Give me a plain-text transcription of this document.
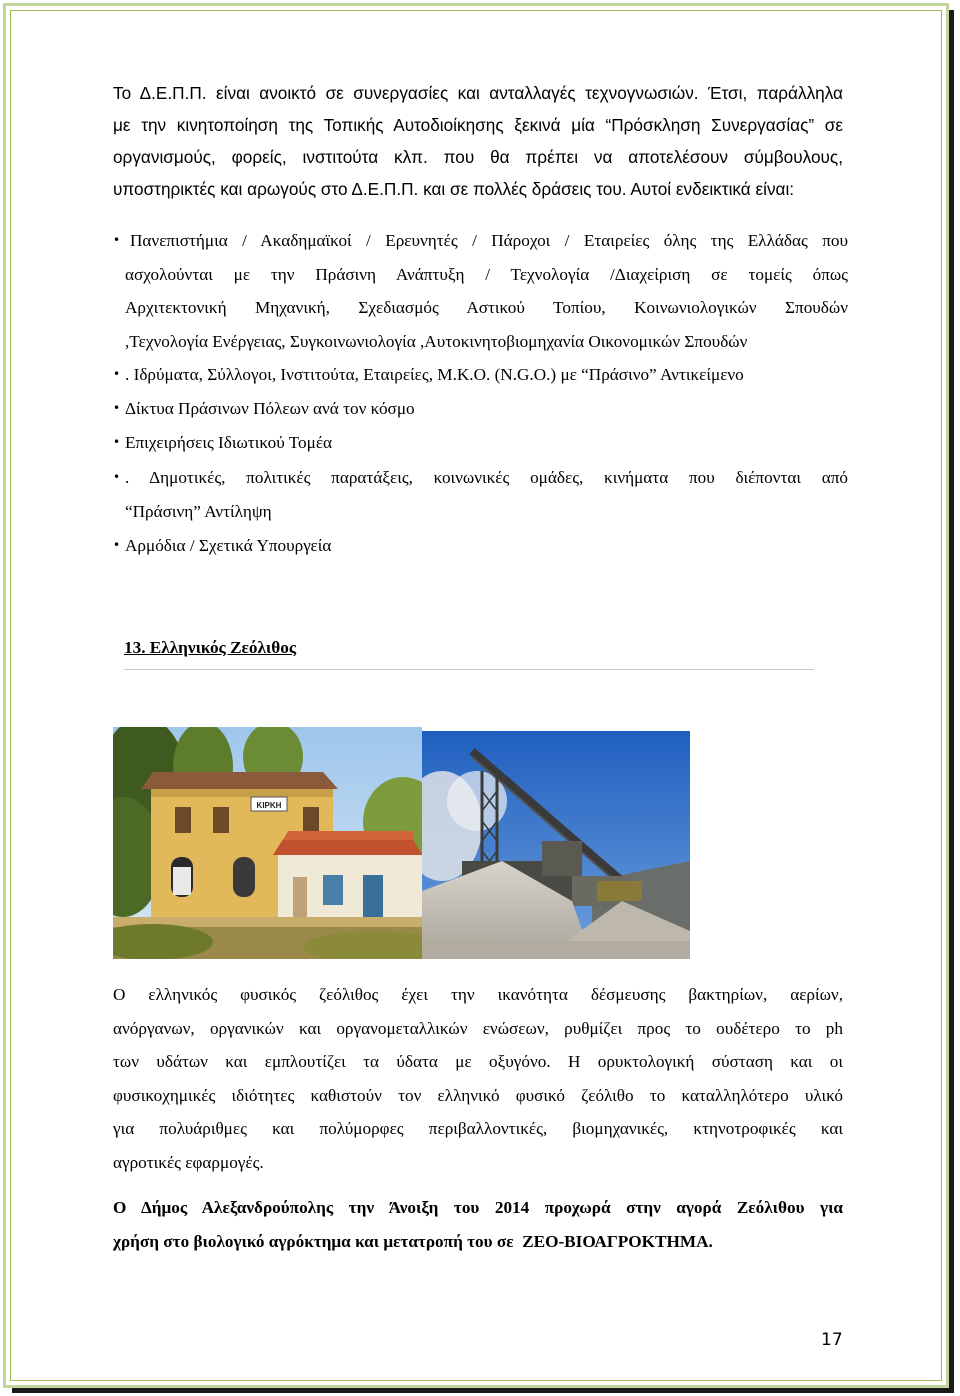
Το Δ.Ε.Π.Π. είναι ανοικτό σε συνεργασίες και ανταλλαγές τεχνογνωσιών. Έτσι, παράλληλα
με την κινητοποίηση της Τοπικής Αυτοδιοίκησης ξεκινά μία “Πρόσκληση Συνεργασίας” σε
οργανισμούς, φορείς, ινστιτούτα κλπ. που θα πρέπει να αποτελέσουν σύμβουλους,
υποστηρικτές και αρωγούς στο Δ.Ε.Π.Π. και σε πολλές δράσεις του. Αυτοί ενδεικτικά είναι:

• Πανεπιστήμια / Ακαδημαϊκοί / Ερευνητές / Πάροχοι / Εταιρείες όλης της Ελλάδας που
ασχολούνται με την Πράσινη Ανάπτυξη / Τεχνολογία /Διαχείριση σε τομείς όπως
Αρχιτεκτονική Μηχανική, Σχεδιασμός Αστικού Τοπίου, Κοινωνιολογικών Σπουδών
,Τεχνολογία Ενέργειας, Συγκοινωνιολογία ,Αυτοκινητοβιομηχανία Οικονομικών Σπουδών
• . Ιδρύματα, Σύλλογοι, Ινστιτούτα, Εταιρείες, Μ.Κ.Ο. (N.G.O.) με “Πράσινο” Αντικείμενο
• Δίκτυα Πράσινων Πόλεων ανά τον κόσμο
• Επιχειρήσεις Ιδιωτικού Τομέα
• . Δημοτικές, πολιτικές παρατάξεις, κοινωνικές ομάδες, κινήματα που διέπονται από
“Πράσινη” Αντίληψη
• Αρμόδια / Σχετικά Υπουργεία

13. Ελληνικός Ζεόλιθος

ΚΙΡΚΗ

Ο ελληνικός φυσικός ζεόλιθος έχει την ικανότητα δέσμευσης βακτηρίων, αερίων,
ανόργανων, οργανικών και οργανομεταλλικών ενώσεων, ρυθμίζει προς το ουδέτερο το ph
των υδάτων και εμπλουτίζει τα ύδατα με οξυγόνο. Η ορυκτολογική σύσταση και οι
φυσικοχημικές ιδιότητες καθιστούν τον ελληνικό φυσικό ζεόλιθο το καταλληλότερο υλικό
για πολυάριθμες και πολύμορφες περιβαλλοντικές, βιομηχανικές, κτηνοτροφικές και
αγροτικές εφαρμογές.

Ο Δήμος Αλεξανδρούπολης την Άνοιξη του 2014 προχωρά στην αγορά Ζεόλιθου για
χρήση στο βιολογικό αγρόκτημα και μετατροπή του σε  ΖΕΟ-ΒΙΟΑΓΡΟΚΤΗΜΑ.

17
